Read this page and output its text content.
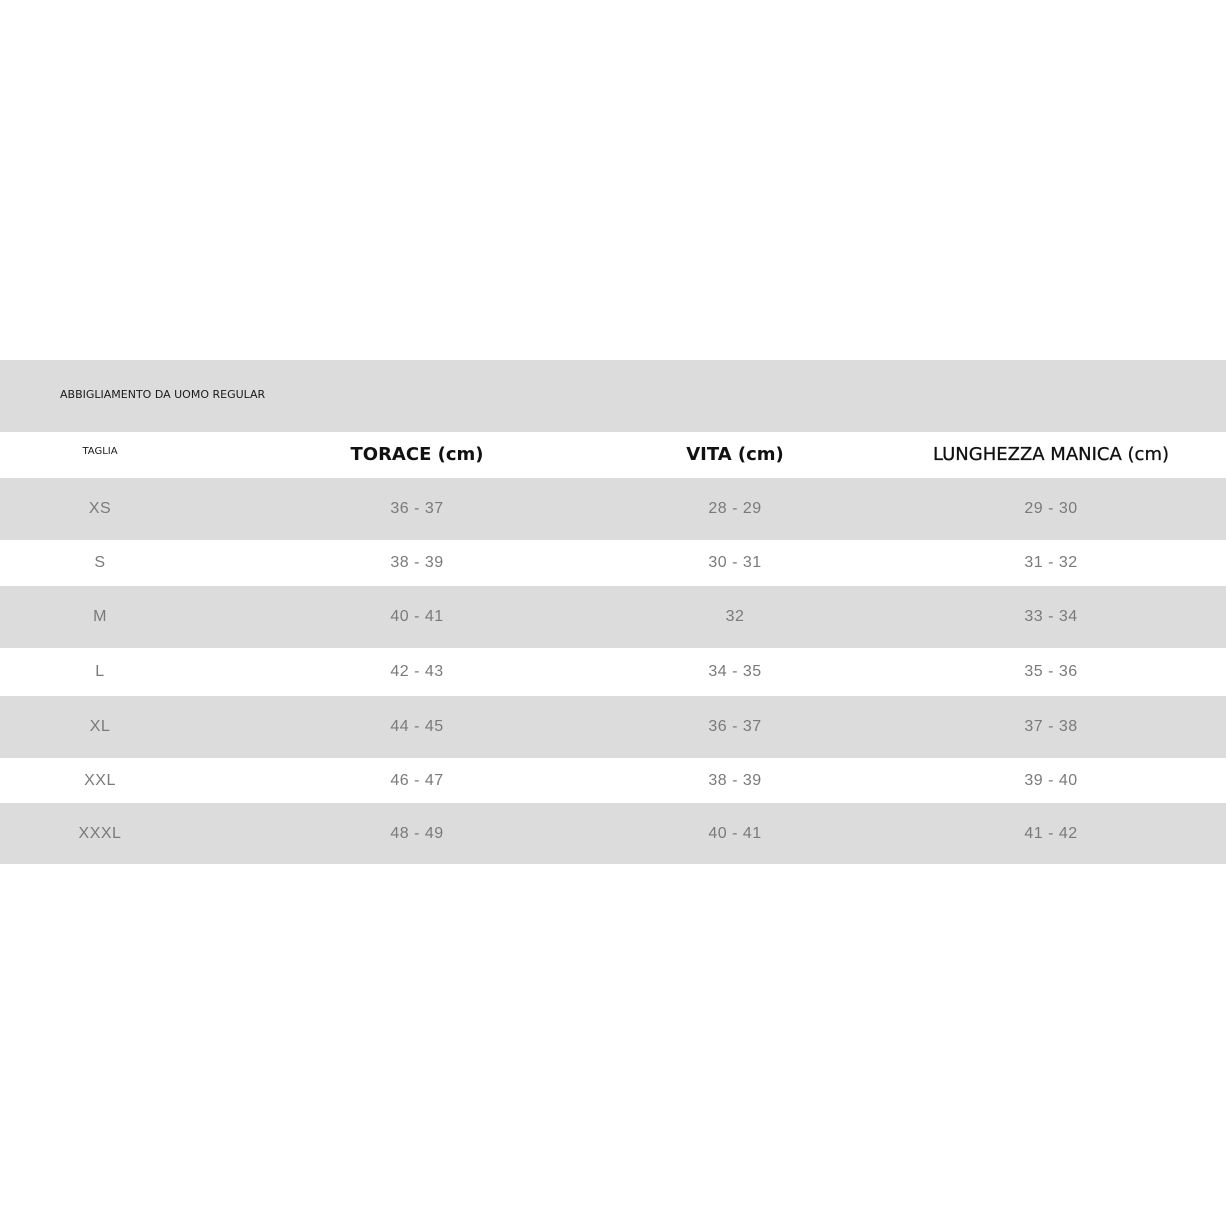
ABBIGLIAMENTO DA UOMO REGULAR
TAGLIA	TORACE (cm)	VITA (cm)	LUNGHEZZA MANICA (cm)
XS	36 - 37	28 - 29	29 - 30
S	38 - 39	30 - 31	31 - 32
M	40 - 41	32	33 - 34
L	42 - 43	34 - 35	35 - 36
XL	44 - 45	36 - 37	37 - 38
XXL	46 - 47	38 - 39	39 - 40
XXXL	48 - 49	40 - 41	41 - 42
